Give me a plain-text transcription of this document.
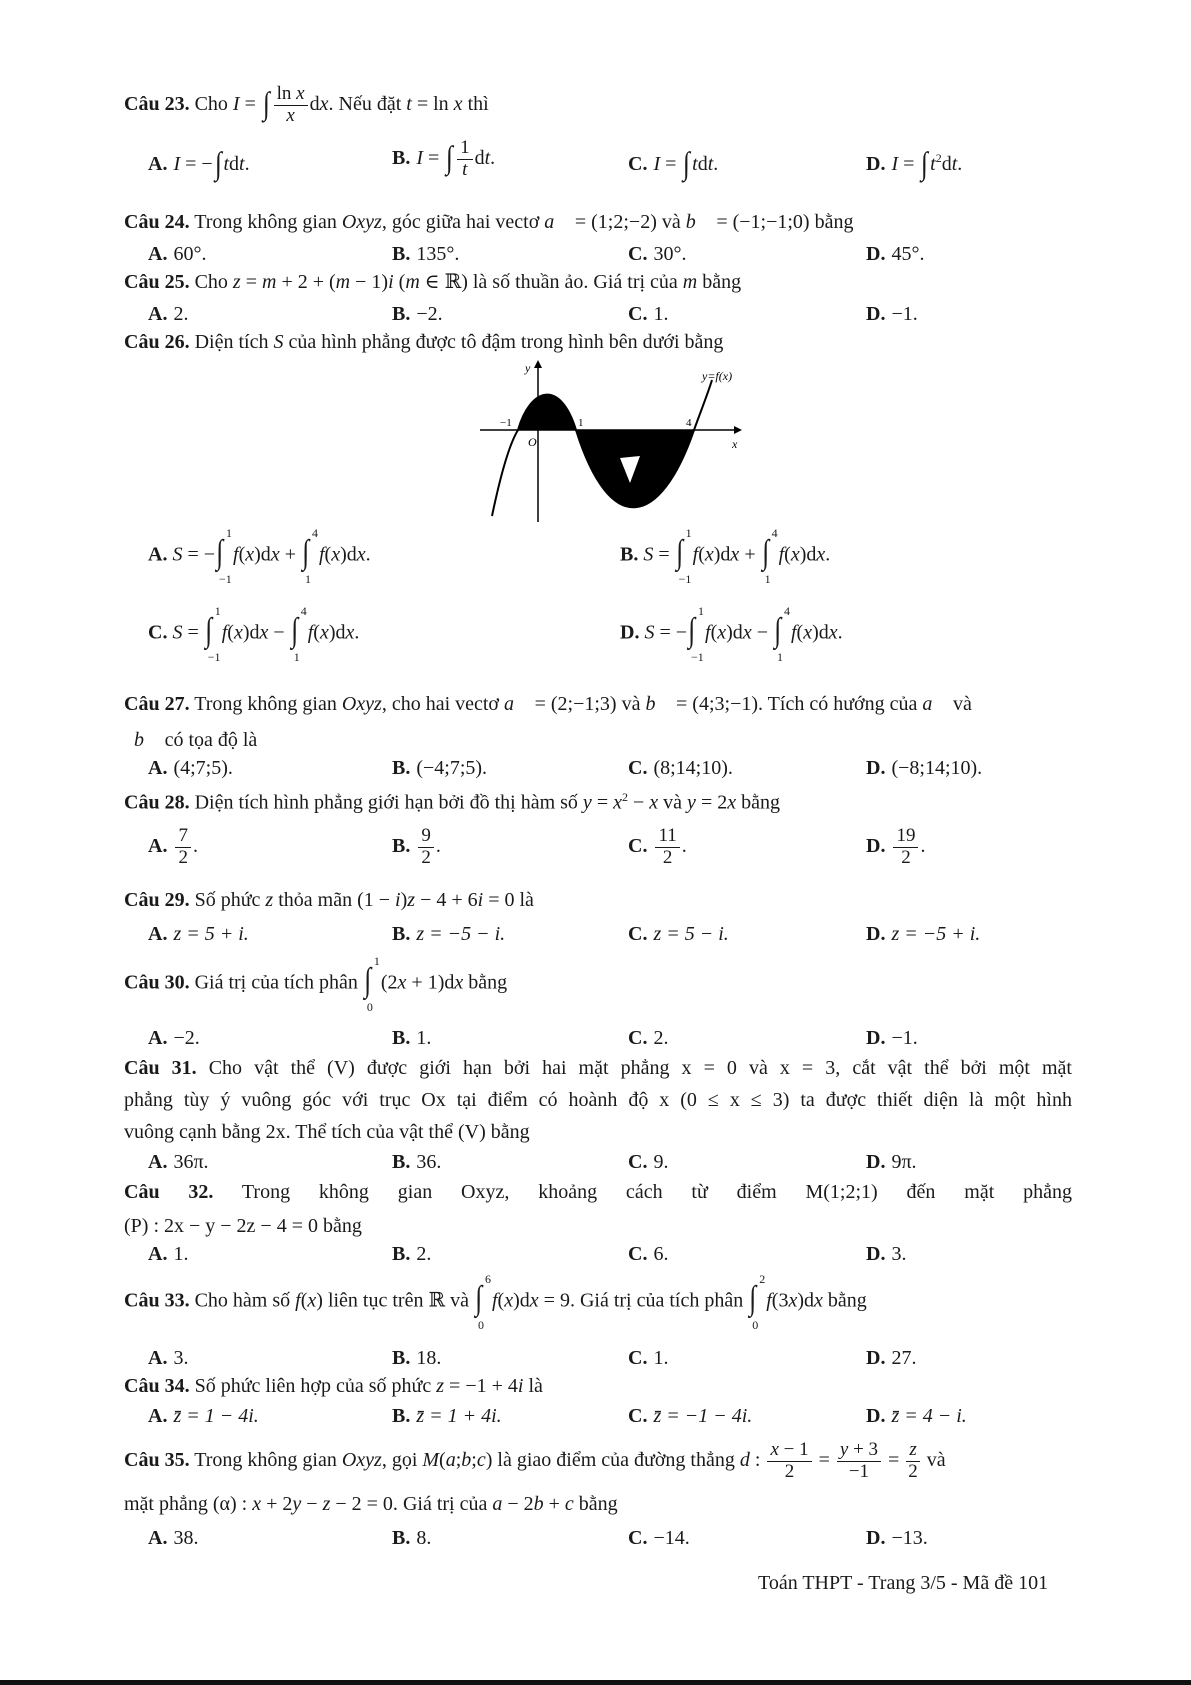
Câu 23. Cho I = ∫ $\frac{\text{ln x}}{x}$ dx. Nếu đặt t = ln x thì
A. I = −∫tdt.	B. I = ∫ $\frac{1}{t}$ dt.	C. I = ∫tdt.	D. $I = \int t^2dt$.
Câu 24. Trong không gian Oxyz, góc giữa hai vectơ a⃗ = (1;2;−2) và b⃗ = (−1;−1;0) bằng
A. 60°.	B. 135°.	C. 30°.	D. 45°.
Câu 25. Cho z = m + 2 + (m − 1)i (m ∈ ℝ) là số thuần ảo. Giá trị của m bằng
A. 2.	B. −2.	C. 1.	D. −1.
Câu 26. Diện tích S của hình phẳng được tô đậm trong hình bên dưới bằng
y
x
O
y=f(x)
−1	1	4
A. S = − ∫
1
−1
f(x)dx + ∫
4
1
f(x)dx.	B. S = ∫
1
−1
f(x)dx + ∫
4
1
f(x)dx.
C. S = ∫
1
−1
f(x)dx − ∫
4
1
f(x)dx.	D. S = − ∫
1
−1
f(x)dx − ∫
4
1
f(x)dx.
Câu 27. Trong không gian Oxyz, cho hai vectơ a⃗ = (2;−1;3) và b⃗ = (4;3;−1). Tích có hướng của a⃗ và
b⃗ có tọa độ là
A. (4;7;5).	B. (−4;7;5).	C. (8;14;10).	D. (−8;14;10).
Câu 28. Diện tích hình phẳng giới hạn bởi đồ thị hàm số $y = x^2 - x$ và y = 2x bằng
A. $\frac{7}{2}$ .	B. $\frac{9}{2}$ .	C. $\frac{11}{2}$ .	D. $\frac{19}{2}$ .
Câu 29. Số phức z thỏa mãn (1 − i)z − 4 + 6i = 0 là
A. z = 5 + i.	B. z = −5 − i.	C. z = 5 − i.	D. z = −5 + i.
Câu 30. Giá trị của tích phân ∫
1
0
(2x + 1)dx bằng
A. −2.	B. 1.	C. 2.	D. −1.
Câu 31. Cho vật thể (V) được giới hạn bởi hai mặt phẳng x = 0 và x = 3, cắt vật thể bởi một mặt
phẳng tùy ý vuông góc với trục Ox tại điểm có hoành độ x (0 ≤ x ≤ 3) ta được thiết diện là một hình
vuông cạnh bằng 2x. Thể tích của vật thể (V) bằng
A. 36π.	B. 36.	C. 9.	D. 9π.
Câu 32. Trong không gian Oxyz, khoảng cách từ điểm M(1;2;1) đến mặt phẳng
(P) : 2x − y − 2z − 4 = 0 bằng
A. 1.	B. 2.	C. 6.	D. 3.
Câu 33. Cho hàm số f(x) liên tục trên ℝ và ∫
6
0
f(x)dx = 9. Giá trị của tích phân ∫
2
0
f(3x)dx bằng
A. 3.	B. 18.	C. 1.	D. 27.
Câu 34. Số phức liên hợp của số phức z = −1 + 4i là
A. z̄ = 1 − 4i.	B. z̄ = 1 + 4i.	C. z̄ = −1 − 4i.	D. z̄ = 4 − i.
Câu 35. Trong không gian Oxyz, gọi M(a;b;c) là giao điểm của đường thẳng d : $\frac{x - 1}{2} = \frac{y + 3}{-1} = \frac{z}{2}$ và
mặt phẳng (α) : x + 2y − z − 2 = 0. Giá trị của a − 2b + c bằng
A. 38.	B. 8.	C. −14.	D. −13.
Toán THPT - Trang 3/5 - Mã đề 101
